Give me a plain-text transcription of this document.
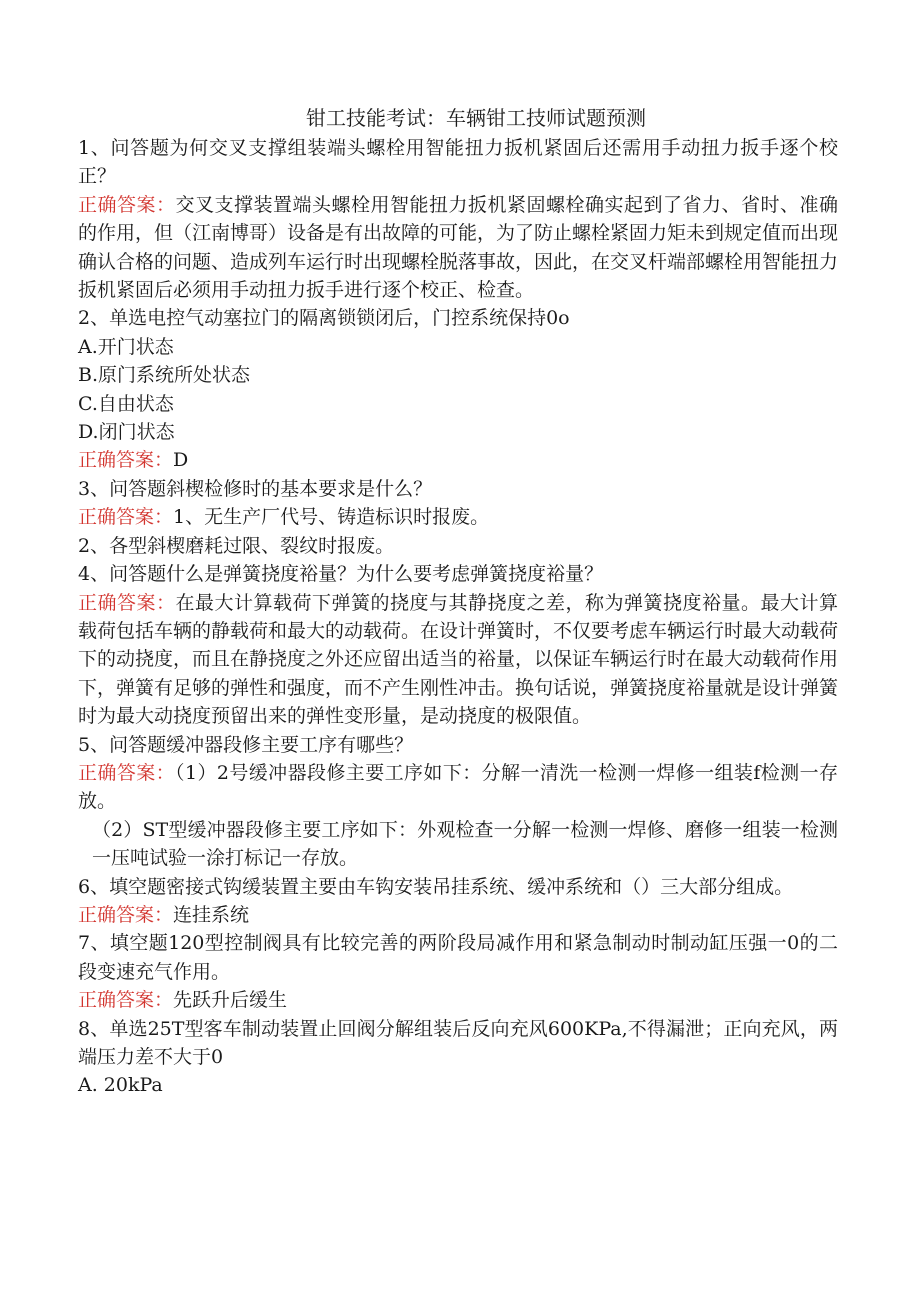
钳工技能考试：车辆钳工技师试题预测

1、问答题为何交叉支撑组装端头螺栓用智能扭力扳机紧固后还需用手动扭力扳手逐个校正？

正确答案：交叉支撑装置端头螺栓用智能扭力扳机紧固螺栓确实起到了省力、省时、准确的作用，但（江南博哥）设备是有出故障的可能，为了防止螺栓紧固力矩未到规定值而出现确认合格的问题、造成列车运行时出现螺栓脱落事故，因此，在交叉杆端部螺栓用智能扭力扳机紧固后必须用手动扭力扳手进行逐个校正、检查。

2、单选电控气动塞拉门的隔离锁锁闭后，门控系统保持0o

A.开门状态

B.原门系统所处状态

C.自由状态

D.闭门状态

正确答案：D

3、问答题斜楔检修时的基本要求是什么？

正确答案：1、无生产厂代号、铸造标识时报废。

2、各型斜楔磨耗过限、裂纹时报废。

4、问答题什么是弹簧挠度裕量？为什么要考虑弹簧挠度裕量？

正确答案：在最大计算载荷下弹簧的挠度与其静挠度之差，称为弹簧挠度裕量。最大计算载荷包括车辆的静载荷和最大的动载荷。在设计弹簧时，不仅要考虑车辆运行时最大动载荷下的动挠度，而且在静挠度之外还应留出适当的裕量，以保证车辆运行时在最大动载荷作用下，弹簧有足够的弹性和强度，而不产生刚性冲击。换句话说，弹簧挠度裕量就是设计弹簧时为最大动挠度预留出来的弹性变形量，是动挠度的极限值。

5、问答题缓冲器段修主要工序有哪些？

正确答案：（1）2号缓冲器段修主要工序如下：分解一清洗一检测一焊修一组装f检测一存放。

（2）ST型缓冲器段修主要工序如下：外观检查一分解一检测一焊修、磨修一组装一检测一压吨试验一涂打标记一存放。

6、填空题密接式钩缓装置主要由车钩安装吊挂系统、缓冲系统和（）三大部分组成。

正确答案：连挂系统

7、填空题120型控制阀具有比较完善的两阶段局减作用和紧急制动时制动缸压强一0的二段变速充气作用。

正确答案：先跃升后缓生

8、单选25T型客车制动装置止回阀分解组装后反向充风600KPa,不得漏泄；正向充风，两端压力差不大于0

A. 20kPa
